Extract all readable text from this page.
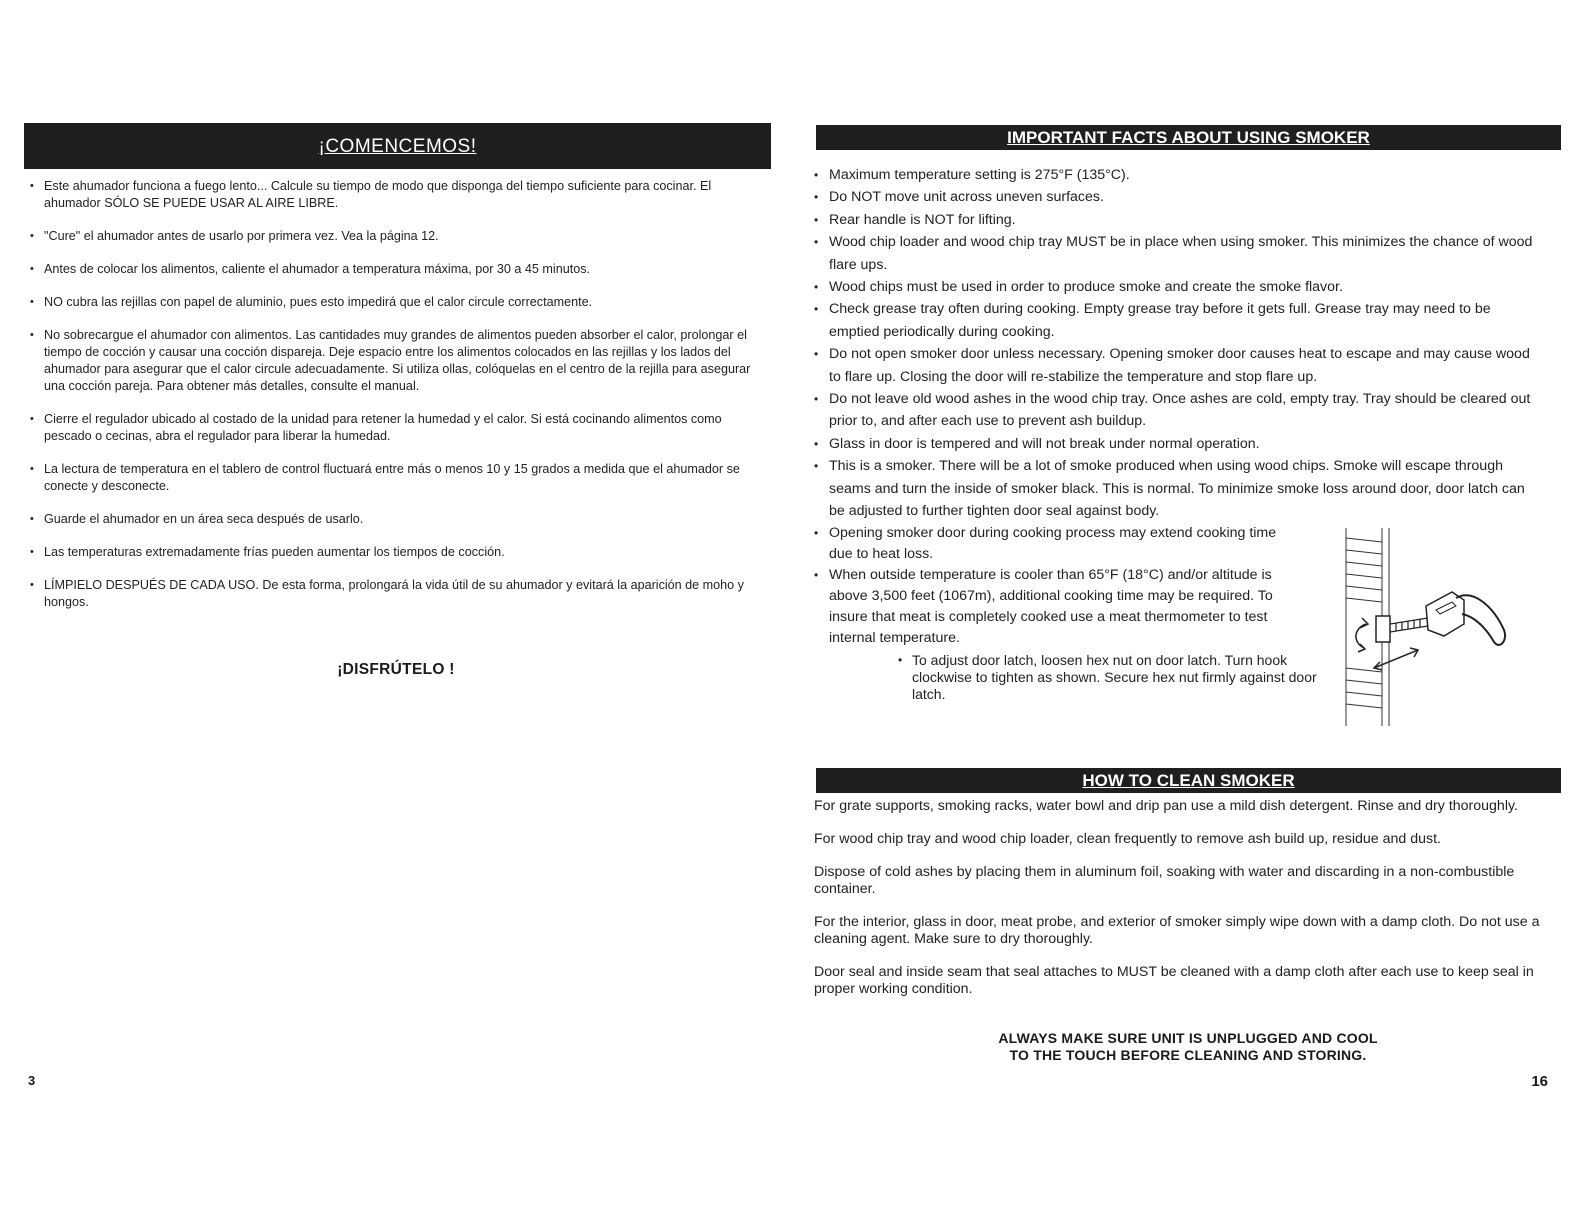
¡COMENCEMOS!
• Este ahumador funciona a fuego lento... Calcule su tiempo de modo que disponga del tiempo suficiente para cocinar. El ahumador SÓLO SE PUEDE USAR AL AIRE LIBRE.
• "Cure" el ahumador antes de usarlo por primera vez. Vea la página 12.
• Antes de colocar los alimentos, caliente el ahumador a temperatura máxima, por 30 a 45 minutos.
• NO cubra las rejillas con papel de aluminio, pues esto impedirá que el calor circule correctamente.
• No sobrecargue el ahumador con alimentos. Las cantidades muy grandes de alimentos pueden absorber el calor, prolongar el tiempo de cocción y causar una cocción dispareja. Deje espacio entre los alimentos colocados en las rejillas y los lados del ahumador para asegurar que el calor circule adecuadamente. Si utiliza ollas, colóquelas en el centro de la rejilla para asegurar una cocción pareja. Para obtener más detalles, consulte el manual.
• Cierre el regulador ubicado al costado de la unidad para retener la humedad y el calor. Si está cocinando alimentos como pescado o cecinas, abra el regulador para liberar la humedad.
• La lectura de temperatura en el tablero de control fluctuará entre más o menos 10 y 15 grados a medida que el ahumador se conecte y desconecte.
• Guarde el ahumador en un área seca después de usarlo.
• Las temperaturas extremadamente frías pueden aumentar los tiempos de cocción.
• LÍMPIELO DESPUÉS DE CADA USO. De esta forma, prolongará la vida útil de su ahumador y evitará la aparición de moho y hongos.
¡DISFRÚTELO !
3
IMPORTANT FACTS ABOUT USING SMOKER
• Maximum temperature setting is 275°F (135°C).
• Do NOT move unit across uneven surfaces.
• Rear handle is NOT for lifting.
• Wood chip loader and wood chip tray MUST be in place when using smoker. This minimizes the chance of wood flare ups.
• Wood chips must be used in order to produce smoke and create the smoke flavor.
• Check grease tray often during cooking. Empty grease tray before it gets full. Grease tray may need to be emptied periodically during cooking.
• Do not open smoker door unless necessary. Opening smoker door causes heat to escape and may cause wood to flare up. Closing the door will re-stabilize the temperature and stop flare up.
• Do not leave old wood ashes in the wood chip tray. Once ashes are cold, empty tray. Tray should be cleared out prior to, and after each use to prevent ash buildup.
• Glass in door is tempered and will not break under normal operation.
• This is a smoker. There will be a lot of smoke produced when using wood chips. Smoke will escape through seams and turn the inside of smoker black. This is normal. To minimize smoke loss around door, door latch can be adjusted to further tighten door seal against body.
• Opening smoker door during cooking process may extend cooking time due to heat loss.
• When outside temperature is cooler than 65°F (18°C) and/or altitude is above 3,500 feet (1067m), additional cooking time may be required. To insure that meat is completely cooked use a meat thermometer to test internal temperature.
• To adjust door latch, loosen hex nut on door latch. Turn hook clockwise to tighten as shown. Secure hex nut firmly against door latch.
HOW TO CLEAN SMOKER

For grate supports, smoking racks, water bowl and drip pan use a mild dish detergent. Rinse and dry thoroughly.

For wood chip tray and wood chip loader, clean frequently to remove ash build up, residue and dust.

Dispose of cold ashes by placing them in aluminum foil, soaking with water and discarding in a non-combustible container.

For the interior, glass in door, meat probe, and exterior of smoker simply wipe down with a damp cloth. Do not use a cleaning agent. Make sure to dry thoroughly.

Door seal and inside seam that seal attaches to MUST be cleaned with a damp cloth after each use to keep seal in proper working condition.

ALWAYS MAKE SURE UNIT IS UNPLUGGED AND COOL
TO THE TOUCH BEFORE CLEANING AND STORING.
16
